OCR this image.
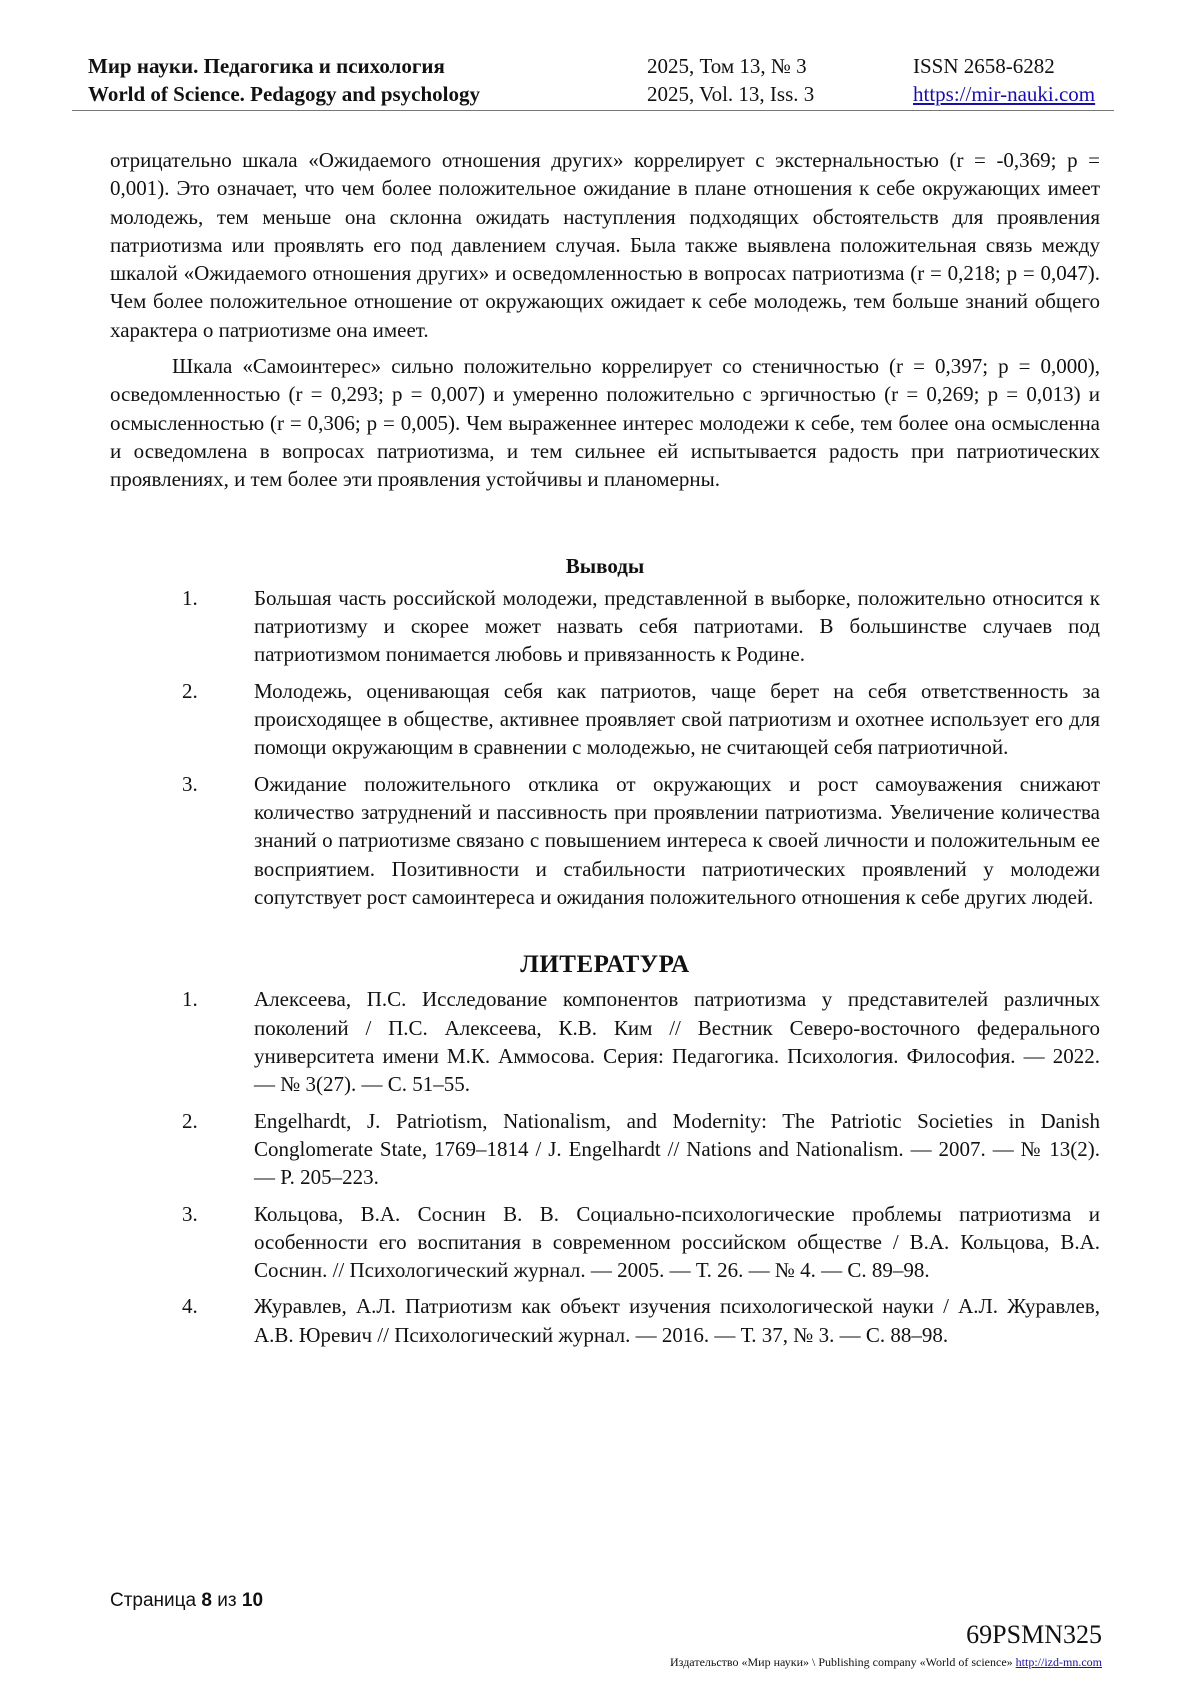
Мир науки. Педагогика и психология
World of Science. Pedagogy and psychology
2025, Том 13, № 3
2025, Vol. 13, Iss. 3
ISSN 2658-6282
https://mir-nauki.com

отрицательно шкала «Ожидаемого отношения других» коррелирует с экстернальностью (r = -0,369; p = 0,001). Это означает, что чем более положительное ожидание в плане отношения к себе окружающих имеет молодежь, тем меньше она склонна ожидать наступления подходящих обстоятельств для проявления патриотизма или проявлять его под давлением случая. Была также выявлена положительная связь между шкалой «Ожидаемого отношения других» и осведомленностью в вопросах патриотизма (r = 0,218; p = 0,047). Чем более положительное отношение от окружающих ожидает к себе молодежь, тем больше знаний общего характера о патриотизме она имеет.

Шкала «Самоинтерес» сильно положительно коррелирует со стеничностью (r = 0,397; p = 0,000), осведомленностью (r = 0,293; p = 0,007) и умеренно положительно с эргичностью (r = 0,269; p = 0,013) и осмысленностью (r = 0,306; p = 0,005). Чем выраженнее интерес молодежи к себе, тем более она осмысленна и осведомлена в вопросах патриотизма, и тем сильнее ей испытывается радость при патриотических проявлениях, и тем более эти проявления устойчивы и планомерны.

Выводы
1.	Большая часть российской молодежи, представленной в выборке, положительно относится к патриотизму и скорее может назвать себя патриотами. В большинстве случаев под патриотизмом понимается любовь и привязанность к Родине.
2.	Молодежь, оценивающая себя как патриотов, чаще берет на себя ответственность за происходящее в обществе, активнее проявляет свой патриотизм и охотнее использует его для помощи окружающим в сравнении с молодежью, не считающей себя патриотичной.
3.	Ожидание положительного отклика от окружающих и рост самоуважения снижают количество затруднений и пассивность при проявлении патриотизма. Увеличение количества знаний о патриотизме связано с повышением интереса к своей личности и положительным ее восприятием. Позитивности и стабильности патриотических проявлений у молодежи сопутствует рост самоинтереса и ожидания положительного отношения к себе других людей.
ЛИТЕРАТУРА
1.	Алексеева, П.С. Исследование компонентов патриотизма у представителей различных поколений / П.С. Алексеева, К.В. Ким // Вестник Северо-восточного федерального университета имени М.К. Аммосова. Серия: Педагогика. Психология. Философия. — 2022. — № 3(27). — С. 51–55.
2.	Engelhardt, J. Patriotism, Nationalism, and Modernity: The Patriotic Societies in Danish Conglomerate State, 1769–1814 / J. Engelhardt // Nations and Nationalism. — 2007. — № 13(2). — P. 205–223.
3.	Кольцова, В.А. Соснин В. В. Социально-психологические проблемы патриотизма и особенности его воспитания в современном российском обществе / В.А. Кольцова, В.А. Соснин. // Психологический журнал. — 2005. — Т. 26. — № 4. — С. 89–98.
4.	Журавлев, А.Л. Патриотизм как объект изучения психологической науки / А.Л. Журавлев, А.В. Юревич // Психологический журнал. — 2016. — Т. 37, № 3. — С. 88–98.
Страница 8 из 10
69PSMN325
Издательство «Мир науки» \ Publishing company «World of science» http://izd-mn.com
